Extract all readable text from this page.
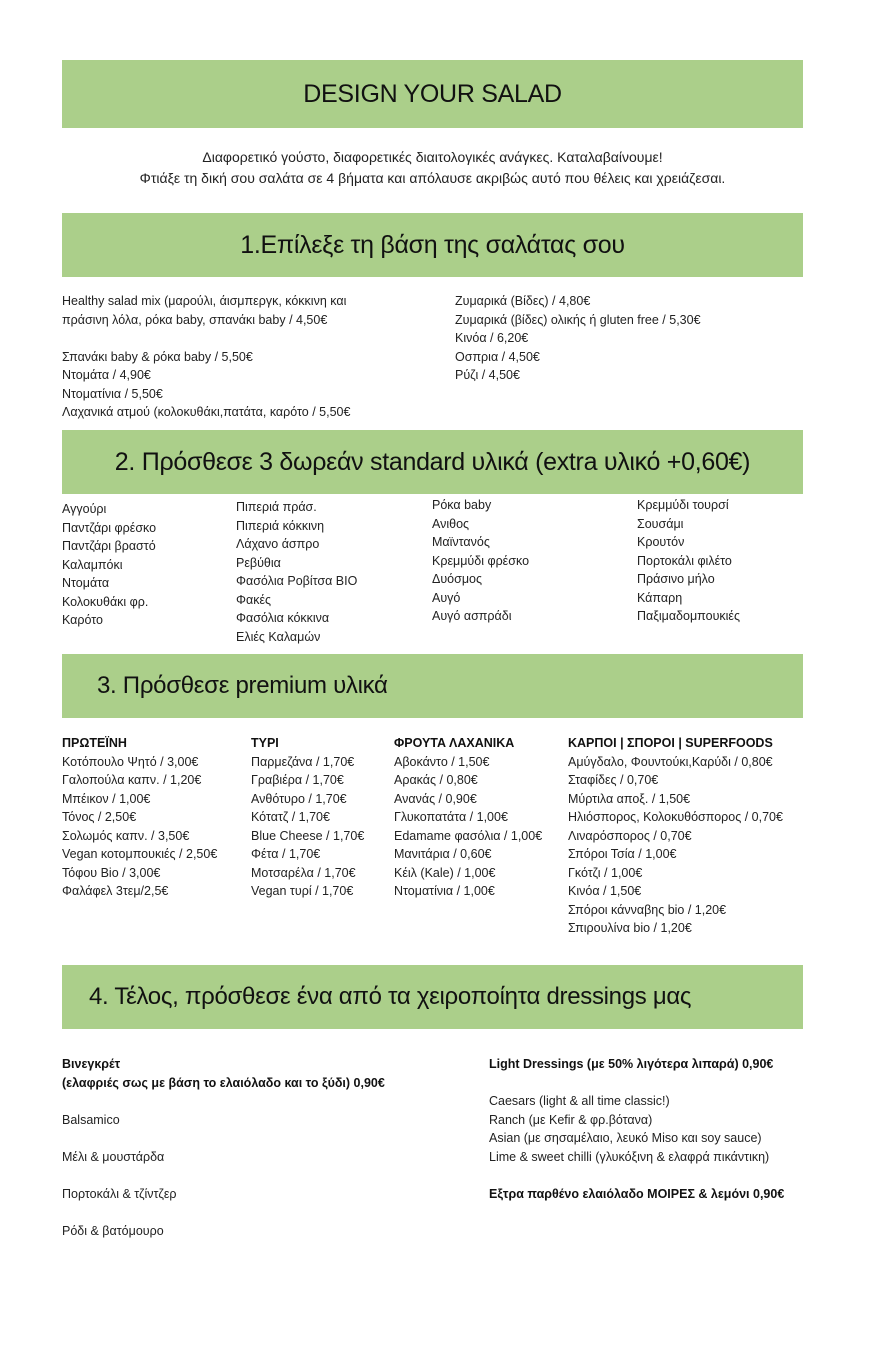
DESIGN YOUR SALAD
Διαφορετικό γούστο, διαφορετικές διαιτολογικές ανάγκες. Καταλαβαίνουμε!
Φτιάξε τη δική σου σαλάτα σε 4 βήματα και απόλαυσε ακριβώς αυτό που θέλεις και χρειάζεσαι.
1.Επίλεξε τη βάση της σαλάτας σου
Healthy salad mix (μαρούλι, άισμπεργκ, κόκκινη και
πράσινη λόλα, ρόκα baby, σπανάκι baby / 4,50€
Σπανάκι baby & ρόκα baby / 5,50€
Ντομάτα / 4,90€
Ντοματίνια / 5,50€
Λαχανικά ατμού (κολοκυθάκι,πατάτα, καρότο / 5,50€
Ζυμαρικά (Βίδες) / 4,80€
Ζυμαρικά (βίδες) ολικής ή gluten free / 5,30€
Κινόα / 6,20€
Οσπρια / 4,50€
Ρύζι / 4,50€
2. Πρόσθεσε 3 δωρεάν standard υλικά (extra υλικό +0,60€)
Αγγούρι
Παντζάρι φρέσκο
Παντζάρι βραστό
Καλαμπόκι
Ντομάτα
Κολοκυθάκι φρ.
Καρότο
Πιπεριά πράσ.
Πιπεριά κόκκινη
Λάχανο άσπρο
Ρεβύθια
Φασόλια Ροβίτσα BIO
Φακές
Φασόλια κόκκινα
Ελιές Καλαμών
Ρόκα baby
Ανιθος
Μαϊντανός
Κρεμμύδι φρέσκο
Δυόσμος
Αυγό
Αυγό ασπράδι
Κρεμμύδι τουρσί
Σουσάμι
Κρουτόν
Πορτοκάλι φιλέτο
Πράσινο μήλο
Κάπαρη
Παξιμαδομπουκιές
3. Πρόσθεσε premium υλικά
ΠΡΩΤΕΪΝΗ
Κοτόπουλο Ψητό / 3,00€
Γαλοπούλα καπν. / 1,20€
Μπέικον / 1,00€
Τόνος / 2,50€
Σολωμός καπν. / 3,50€
Vegan κοτομπουκιές / 2,50€
Τόφου Bio / 3,00€
Φαλάφελ 3τεμ/2,5€
ΤΥΡΙ
Παρμεζάνα / 1,70€
Γραβιέρα / 1,70€
Ανθότυρο / 1,70€
Κότατζ / 1,70€
Blue Cheese / 1,70€
Φέτα / 1,70€
Μοτσαρέλα / 1,70€
Vegan τυρί / 1,70€
ΦΡΟΥΤΑ ΛΑΧΑΝΙΚΑ
Αβοκάντο / 1,50€
Αρακάς / 0,80€
Ανανάς / 0,90€
Γλυκοπατάτα / 1,00€
Edamame φασόλια / 1,00€
Μανιτάρια / 0,60€
Κέιλ (Kale) / 1,00€
Ντοματίνια / 1,00€
ΚΑΡΠΟΙ | ΣΠΟΡΟΙ | SUPERFOODS
Αμύγδαλο, Φουντούκι,Καρύδι / 0,80€
Σταφίδες / 0,70€
Μύρτιλα αποξ. / 1,50€
Ηλιόσπορος, Κολοκυθόσπορος / 0,70€
Λιναρόσπορος / 0,70€
Σπόροι Τσία / 1,00€
Γκότζι / 1,00€
Κινόα / 1,50€
Σπόροι κάνναβης bio / 1,20€
Σπιρουλίνα bio / 1,20€
4. Τέλος, πρόσθεσε ένα από τα χειροποίητα dressings μας
Βινεγκρέτ
(ελαφριές σως με βάση το ελαιόλαδο και το ξύδι) 0,90€
Balsamico
Μέλι & μουστάρδα
Πορτοκάλι & τζίντζερ
Ρόδι & βατόμουρο
Light Dressings (με 50% λιγότερα λιπαρά) 0,90€
Caesars (light & all time classic!)
Ranch (με Kefir & φρ.βότανα)
Asian (με σησαμέλαιο, λευκό Miso και soy sauce)
Lime & sweet chilli (γλυκόξινη & ελαφρά πικάντικη)
Εξτρα παρθένο ελαιόλαδο ΜΟΙΡΕΣ & λεμόνι 0,90€
